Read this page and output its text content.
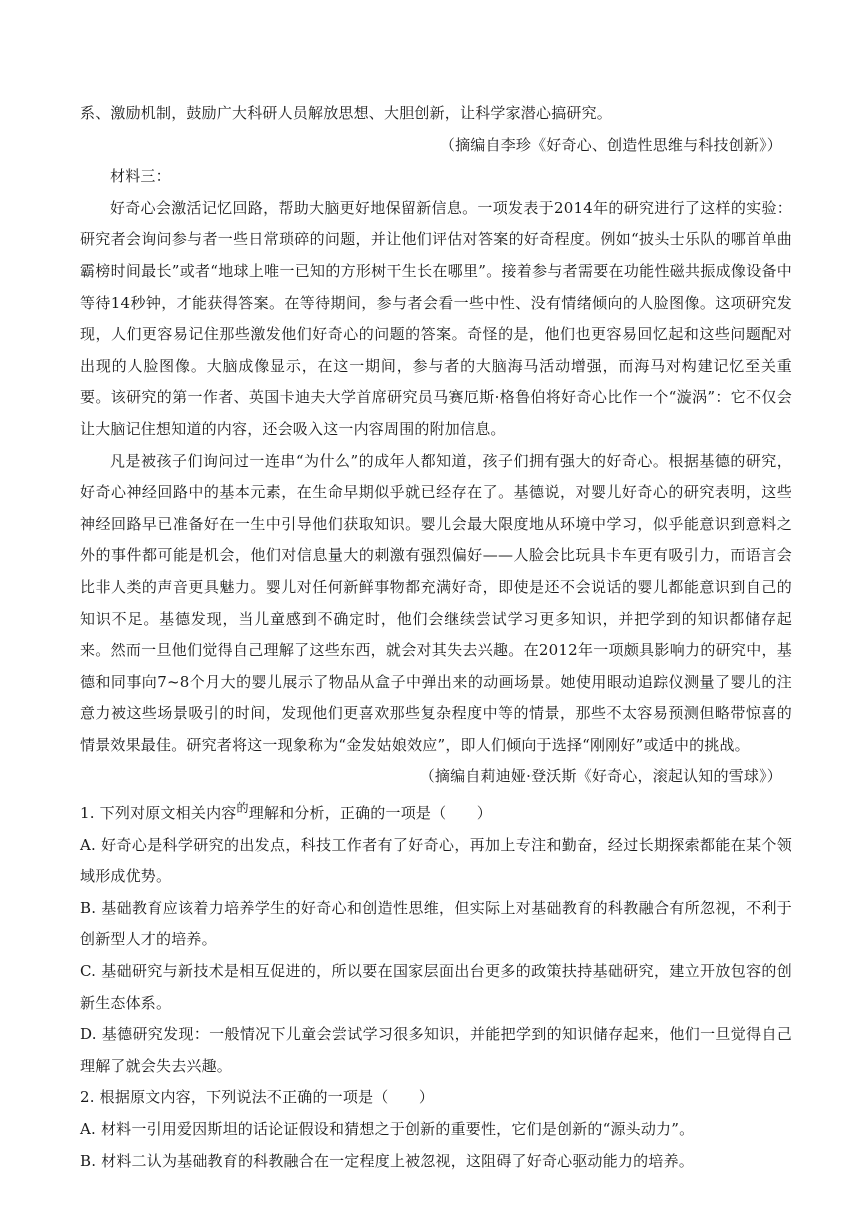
系、激励机制，鼓励广大科研人员解放思想、大胆创新，让科学家潜心搞研究。

（摘编自李珍《好奇心、创造性思维与科技创新》）

材料三：

好奇心会激活记忆回路，帮助大脑更好地保留新信息。一项发表于2014年的研究进行了这样的实验：研究者会询问参与者一些日常琐碎的问题，并让他们评估对答案的好奇程度。例如“披头士乐队的哪首单曲霸榜时间最长”或者“地球上唯一已知的方形树干生长在哪里”。接着参与者需要在功能性磁共振成像设备中等待14秒钟，才能获得答案。在等待期间，参与者会看一些中性、没有情绪倾向的人脸图像。这项研究发现，人们更容易记住那些激发他们好奇心的问题的答案。奇怪的是，他们也更容易回忆起和这些问题配对出现的人脸图像。大脑成像显示，在这一期间，参与者的大脑海马活动增强，而海马对构建记忆至关重要。该研究的第一作者、英国卡迪夫大学首席研究员马赛厄斯·格鲁伯将好奇心比作一个“漩涡”：它不仅会让大脑记住想知道的内容，还会吸入这一内容周围的附加信息。

凡是被孩子们询问过一连串“为什么”的成年人都知道，孩子们拥有强大的好奇心。根据基德的研究，好奇心神经回路中的基本元素，在生命早期似乎就已经存在了。基德说，对婴儿好奇心的研究表明，这些神经回路早已准备好在一生中引导他们获取知识。婴儿会最大限度地从环境中学习，似乎能意识到意料之外的事件都可能是机会，他们对信息量大的刺激有强烈偏好——人脸会比玩具卡车更有吸引力，而语言会比非人类的声音更具魅力。婴儿对任何新鲜事物都充满好奇，即使是还不会说话的婴儿都能意识到自己的知识不足。基德发现，当儿童感到不确定时，他们会继续尝试学习更多知识，并把学到的知识都储存起来。然而一旦他们觉得自己理解了这些东西，就会对其失去兴趣。在2012年一项颇具影响力的研究中，基德和同事向7~8个月大的婴儿展示了物品从盒子中弹出来的动画场景。她使用眼动追踪仪测量了婴儿的注意力被这些场景吸引的时间，发现他们更喜欢那些复杂程度中等的情景，那些不太容易预测但略带惊喜的情景效果最佳。研究者将这一现象称为“金发姑娘效应”，即人们倾向于选择“刚刚好”或适中的挑战。

（摘编自莉迪娅·登沃斯《好奇心，滚起认知的雪球》）

1. 下列对原文相关内容$^的$理解和分析，正确的一项是（　　）

A. 好奇心是科学研究的出发点，科技工作者有了好奇心，再加上专注和勤奋，经过长期探索都能在某个领域形成优势。

B. 基础教育应该着力培养学生的好奇心和创造性思维，但实际上对基础教育的科教融合有所忽视，不利于创新型人才的培养。

C. 基础研究与新技术是相互促进的，所以要在国家层面出台更多的政策扶持基础研究，建立开放包容的创新生态体系。

D. 基德研究发现：一般情况下儿童会尝试学习很多知识，并能把学到的知识储存起来，他们一旦觉得自己理解了就会失去兴趣。

2. 根据原文内容，下列说法不正确的一项是（　　）

A. 材料一引用爱因斯坦的话论证假设和猜想之于创新的重要性，它们是创新的“源头动力”。

B. 材料二认为基础教育的科教融合在一定程度上被忽视，这阻碍了好奇心驱动能力的培养。
